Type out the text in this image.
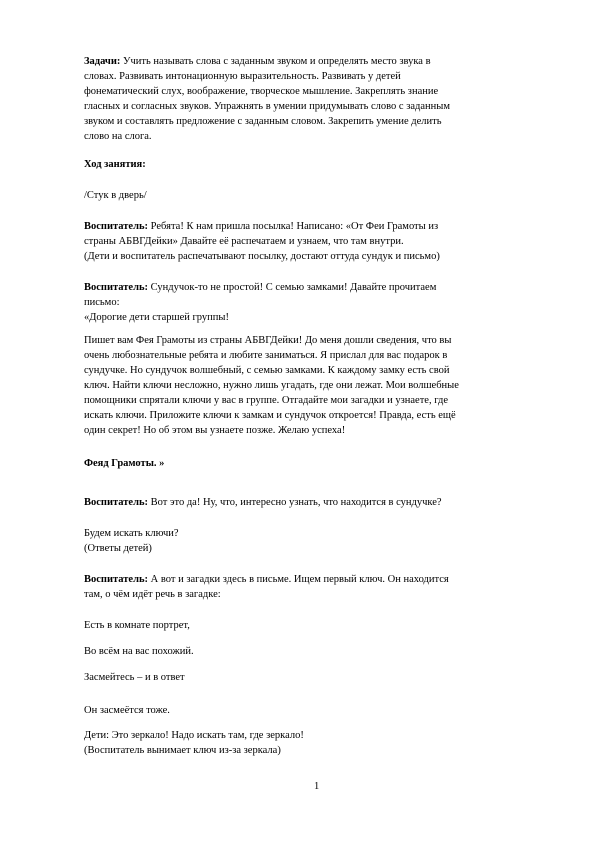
Задачи: Учить называть слова с заданным звуком и определять место звука в
словах. Развивать интонационную выразительность. Развивать у детей
фонематический слух, воображение, творческое мышление. Закреплять знание
гласных и согласных звуков. Упражнять в умении придумывать слово с заданным
звуком и составлять предложение с заданным словом. Закрепить умение делить
слово на слога.
Ход занятия:
/Стук в дверь/
Воспитатель: Ребята! К нам пришла посылка! Написано: «От Феи Грамоты из
страны АБВГДейки» Давайте её распечатаем и узнаем, что там внутри.
(Дети и воспитатель распечатывают посылку, достают оттуда сундук и письмо)
Воспитатель: Сундучок-то не простой! С семью замками! Давайте прочитаем
письмо:
«Дорогие дети старшей группы!
Пишет вам Фея Грамоты из страны АБВГДейки! До меня дошли сведения, что вы
очень любознательные ребята и любите заниматься. Я прислал для вас подарок в
сундучке. Но сундучок волшебный, с семью замками. К каждому замку есть свой
ключ. Найти ключи несложно, нужно лишь угадать, где они лежат. Мои волшебные
помощники спрятали ключи у вас в группе. Отгадайте мои загадки и узнаете, где
искать ключи. Приложите ключи к замкам и сундучок откроется! Правда, есть ещё
один секрет! Но об этом вы узнаете позже. Желаю успеха!
Феяд Грамоты. »
Воспитатель: Вот это да! Ну, что, интересно узнать, что находится в сундучке?
Будем искать ключи?
(Ответы детей)
Воспитатель: А вот и загадки здесь в письме. Ищем первый ключ. Он находится
там, о чём идёт речь в загадке:
Есть в комнате портрет,
Во всём на вас похожий.
Засмейтесь – и в ответ
Он засмеётся тоже.
Дети: Это зеркало! Надо искать там, где зеркало!
(Воспитатель вынимает ключ из-за зеркала)
1
